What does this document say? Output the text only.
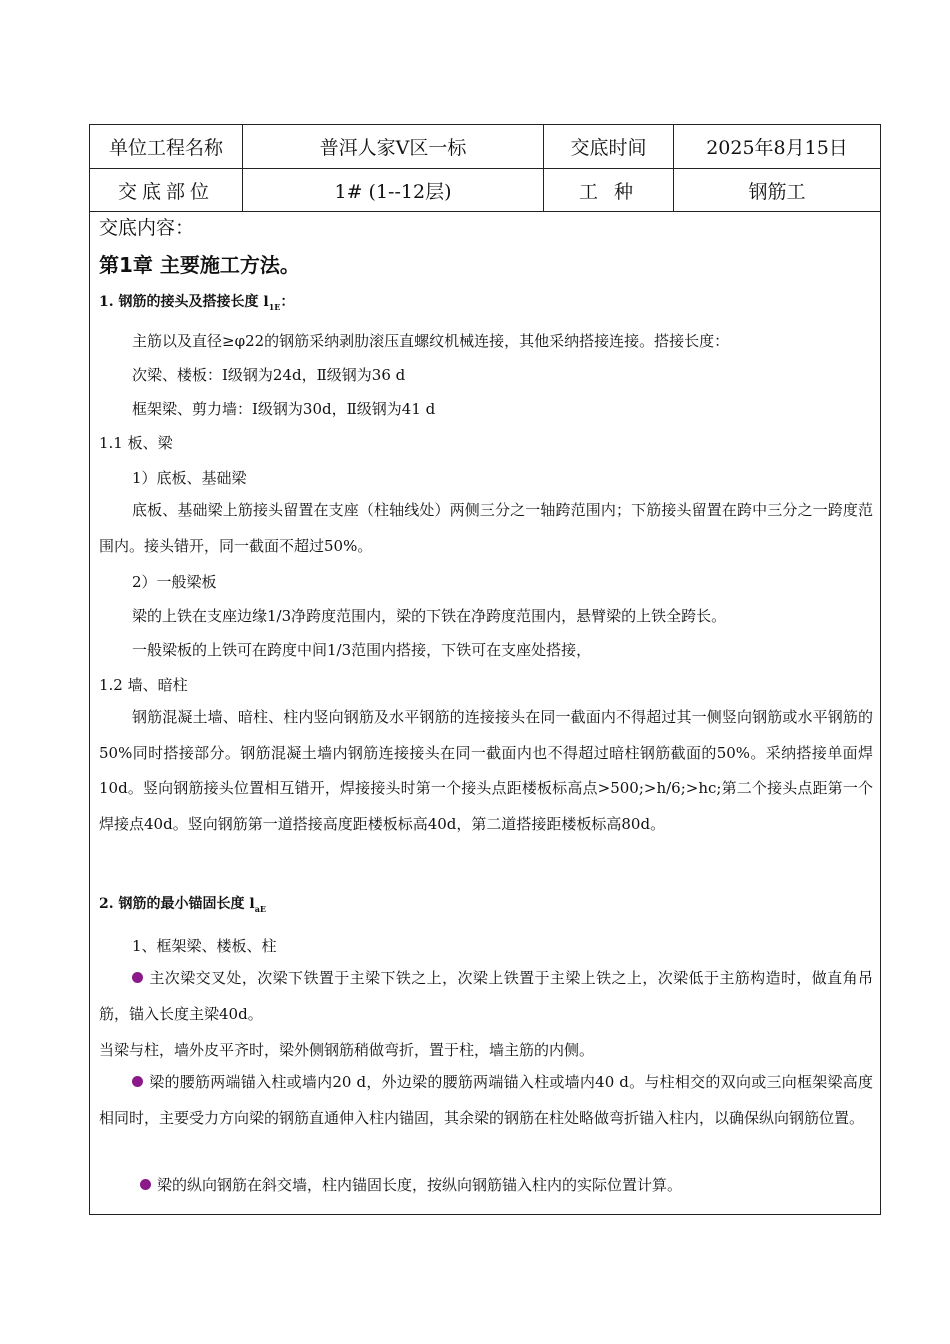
单位工程名称	普洱人家Ⅴ区一标	交底时间	2025年8月15日
交底部位	1# (1--12层)	工 种	钢筋工
交底内容：
第1章 主要施工方法。
1. 钢筋的接头及搭接长度 $l_{1E}$：
主筋以及直径≥φ22的钢筋采纳剥肋滚压直螺纹机械连接，其他采纳搭接连接。搭接长度：
次梁、楼板：Ⅰ级钢为24d，Ⅱ级钢为36 d
框架梁、剪力墙：Ⅰ级钢为30d，Ⅱ级钢为41 d
1.1 板、梁
1）底板、基础梁
底板、基础梁上筋接头留置在支座（柱轴线处）两侧三分之一轴跨范围内；下筋接头留置在跨中三分之一跨度范围内。接头错开，同一截面不超过50%。
2）一般梁板
梁的上铁在支座边缘1/3净跨度范围内，梁的下铁在净跨度范围内，悬臂梁的上铁全跨长。
一般梁板的上铁可在跨度中间1/3范围内搭接，下铁可在支座处搭接，
1.2 墙、暗柱
钢筋混凝土墙、暗柱、柱内竖向钢筋及水平钢筋的连接接头在同一截面内不得超过其一侧竖向钢筋或水平钢筋的50%同时搭接部分。钢筋混凝土墙内钢筋连接接头在同一截面内也不得超过暗柱钢筋截面的50%。采纳搭接单面焊10d。竖向钢筋接头位置相互错开，焊接接头时第一个接头点距楼板标高点>500;>h/6;>hc;第二个接头点距第一个焊接点40d。竖向钢筋第一道搭接高度距楼板标高40d，第二道搭接距楼板标高80d。
2. 钢筋的最小锚固长度 $l_{aE}$
1、框架梁、楼板、柱
主次梁交叉处，次梁下铁置于主梁下铁之上，次梁上铁置于主梁上铁之上，次梁低于主筋构造时，做直角吊筋，锚入长度主梁40d。
当梁与柱，墙外皮平齐时，梁外侧钢筋稍做弯折，置于柱，墙主筋的内侧。
梁的腰筋两端锚入柱或墙内20 d，外边梁的腰筋两端锚入柱或墙内40 d。与柱相交的双向或三向框架梁高度相同时，主要受力方向梁的钢筋直通伸入柱内锚固，其余梁的钢筋在柱处略做弯折锚入柱内，以确保纵向钢筋位置。
梁的纵向钢筋在斜交墙，柱内锚固长度，按纵向钢筋锚入柱内的实际位置计算。
